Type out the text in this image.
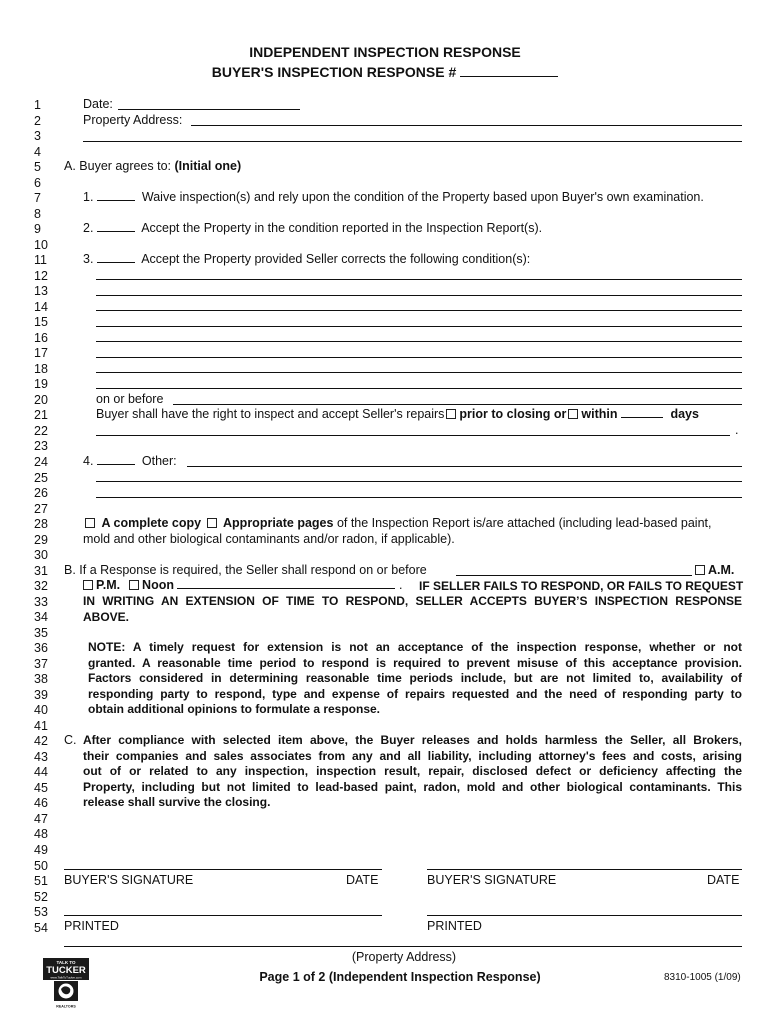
INDEPENDENT INSPECTION RESPONSE
BUYER'S INSPECTION RESPONSE #
1
2
3
4
5
6
7
8
9
10
11
12
13
14
15
16
17
18
19
20
21
22
23
24
25
26
27
28
29
30
31
32
33
34
35
36
37
38
39
40
41
42
43
44
45
46
47
48
49
50
51
52
53
54
Date:
Property Address:
A. Buyer agrees to: (Initial one)
1.	Waive inspection(s) and rely upon the condition of the Property based upon Buyer's own examination.
2.	Accept the Property in the condition reported in the Inspection Report(s).
3.	Accept the Property provided Seller corrects the following condition(s):
on or before
Buyer shall have the right to inspect and accept Seller's repairs prior to closing or within	days
.
4.	Other:
A complete copy Appropriate pages of the Inspection Report is/are attached (including lead-based paint,
mold and other biological contaminants and/or radon, if applicable).
B. If a Response is required, the Seller shall respond on or before	A.M.
P.M. Noon	. IF SELLER FAILS TO RESPOND, OR FAILS TO REQUEST
IN WRITING AN EXTENSION OF TIME TO RESPOND, SELLER ACCEPTS BUYER’S INSPECTION RESPONSE
ABOVE.
NOTE: A timely request for extension is not an acceptance of the inspection response, whether or not
granted. A reasonable time period to respond is required to prevent misuse of this acceptance provision.
Factors considered in determining reasonable time periods include, but are not limited to, availability of
responding party to respond, type and expense of repairs requested and the need of responding party to
obtain additional opinions to formulate a response.
C. After compliance with selected item above, the Buyer releases and holds harmless the Seller, all Brokers,
their companies and sales associates from any and all liability, including attorney's fees and costs, arising
out of or related to any inspection, inspection result, repair, disclosed defect or deficiency affecting the
Property, including but not limited to lead-based paint, radon, mold and other biological contaminants. This
release shall survive the closing.
BUYER'S SIGNATURE	DATE	BUYER'S SIGNATURE	DATE
PRINTED	PRINTED
(Property Address)
Page 1 of 2 (Independent Inspection Response)	8310-1005 (1/09)
TALK TO
TUCKER
www.TalkToTucker.com
REALTORS
